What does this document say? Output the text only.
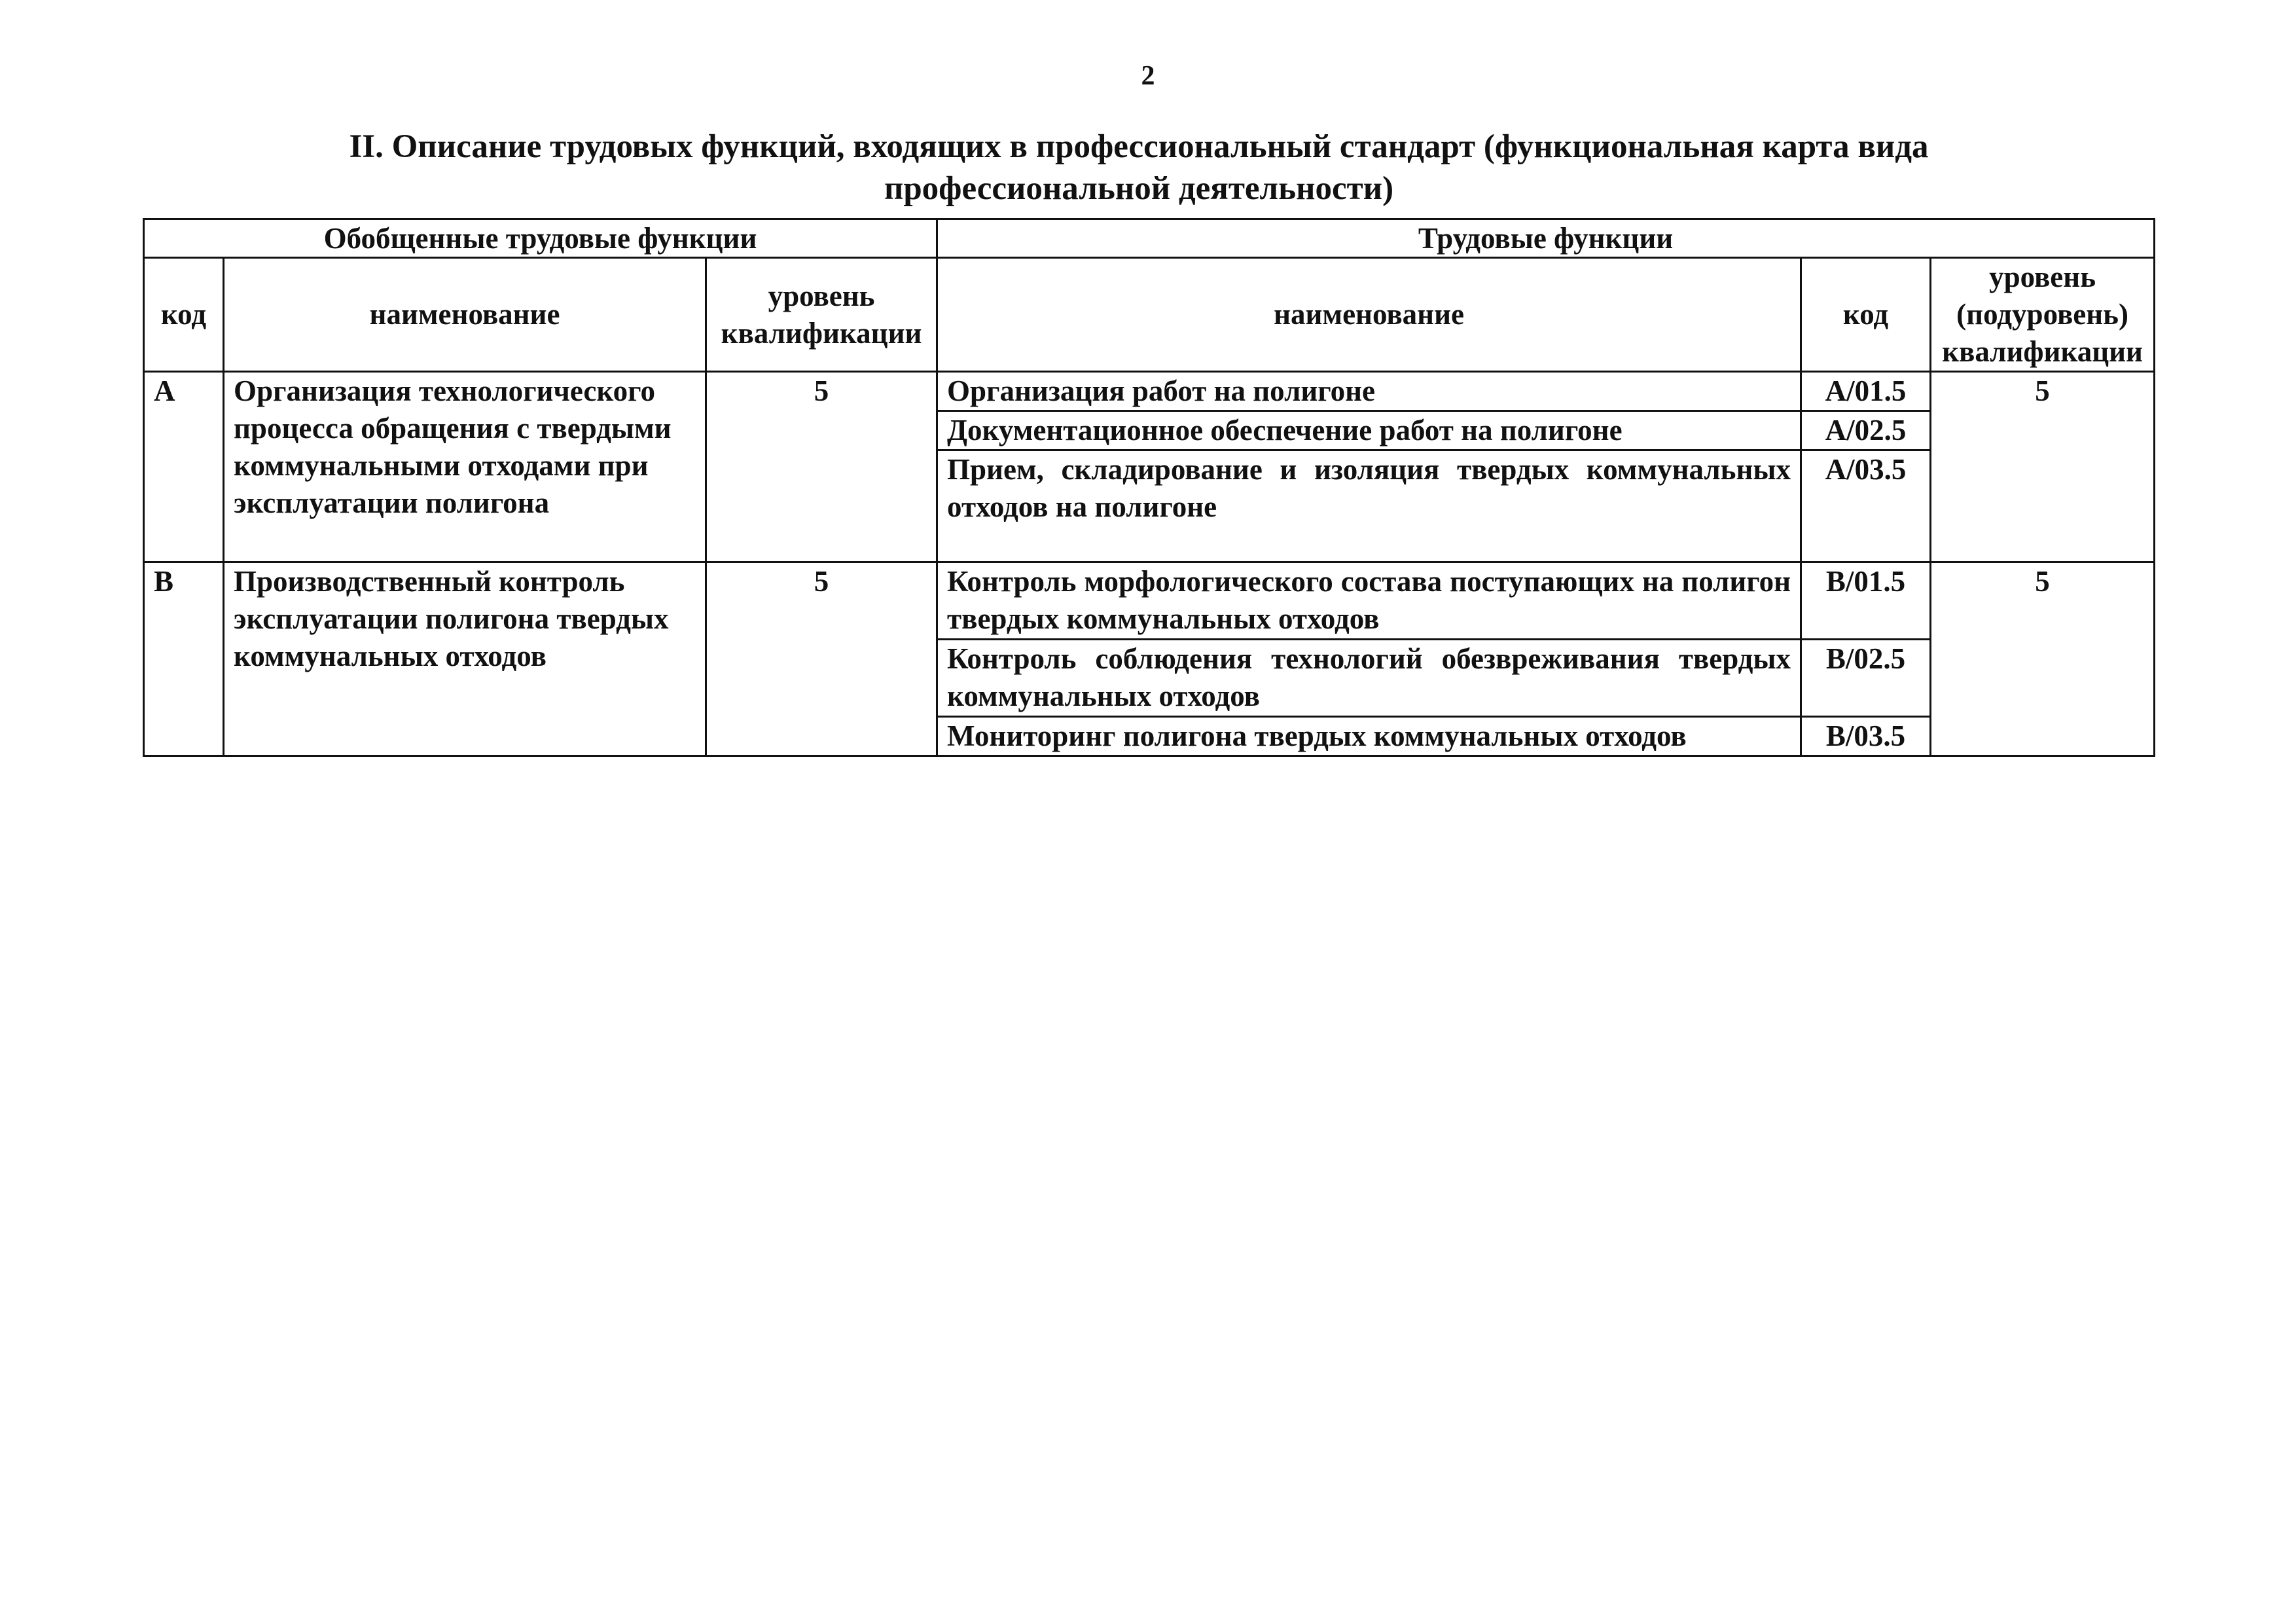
2
II. Описание трудовых функций, входящих в профессиональный стандарт (функциональная карта вида
профессиональной деятельности)
Обобщенные трудовые функции			Трудовые функции		
код	наименование	уровень квалификации	наименование	код	уровень (подуровень) квалификации
А	Организация технологического процесса обращения с твердыми коммунальными отходами при эксплуатации полигона	5	Организация работ на полигоне	А/01.5	5
			Документационное обеспечение работ на полигоне	А/02.5	
			Прием, складирование и изоляция твердых коммунальных отходов на полигоне	А/03.5	
В	Производственный контроль эксплуатации полигона твердых коммунальных отходов	5	Контроль морфологического состава поступающих на полигон твердых коммунальных отходов	В/01.5	5
			Контроль соблюдения технологий обезвреживания твердых коммунальных отходов	В/02.5	
			Мониторинг полигона твердых коммунальных отходов	В/03.5	
